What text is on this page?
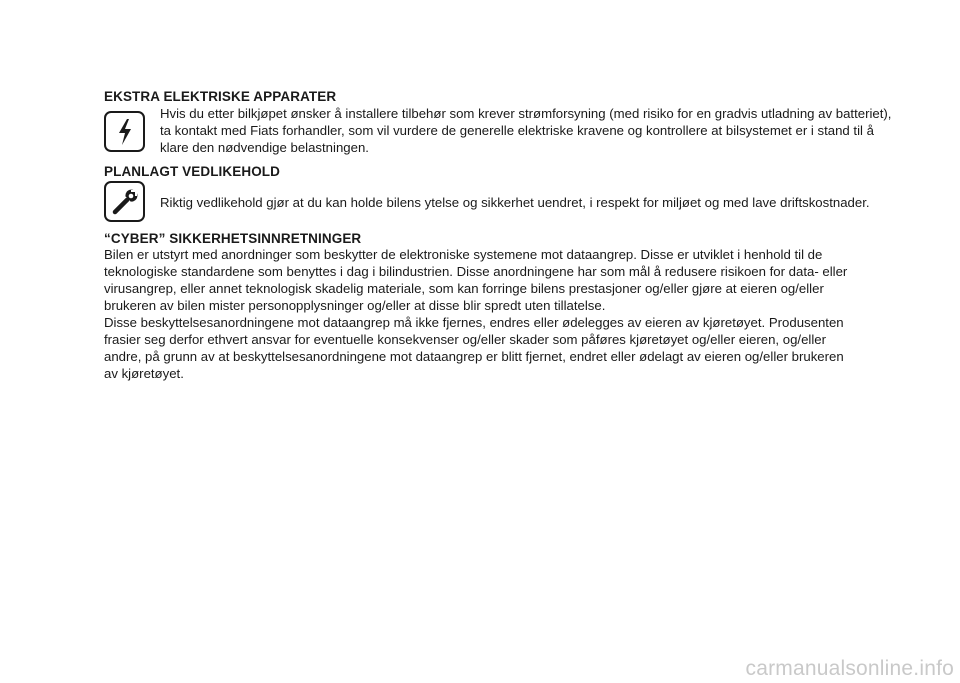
EKSTRA ELEKTRISKE APPARATER
Hvis du etter bilkjøpet ønsker å installere tilbehør som krever strømforsyning (med risiko for en gradvis utladning av batteriet),
ta kontakt med Fiats forhandler, som vil vurdere de generelle elektriske kravene og kontrollere at bilsystemet er i stand til å
klare den nødvendige belastningen.
PLANLAGT VEDLIKEHOLD
Riktig vedlikehold gjør at du kan holde bilens ytelse og sikkerhet uendret, i respekt for miljøet og med lave driftskostnader.
“CYBER” SIKKERHETSINNRETNINGER
Bilen er utstyrt med anordninger som beskytter de elektroniske systemene mot dataangrep. Disse er utviklet i henhold til de
teknologiske standardene som benyttes i dag i bilindustrien. Disse anordningene har som mål å redusere risikoen for data- eller
virusangrep, eller annet teknologisk skadelig materiale, som kan forringe bilens prestasjoner og/eller gjøre at eieren og/eller
brukeren av bilen mister personopplysninger og/eller at disse blir spredt uten tillatelse.
Disse beskyttelsesanordningene mot dataangrep må ikke fjernes, endres eller ødelegges av eieren av kjøretøyet. Produsenten
frasier seg derfor ethvert ansvar for eventuelle konsekvenser og/eller skader som påføres kjøretøyet og/eller eieren, og/eller
andre, på grunn av at beskyttelsesanordningene mot dataangrep er blitt fjernet, endret eller ødelagt av eieren og/eller brukeren
av kjøretøyet.
carmanualsonline.info
